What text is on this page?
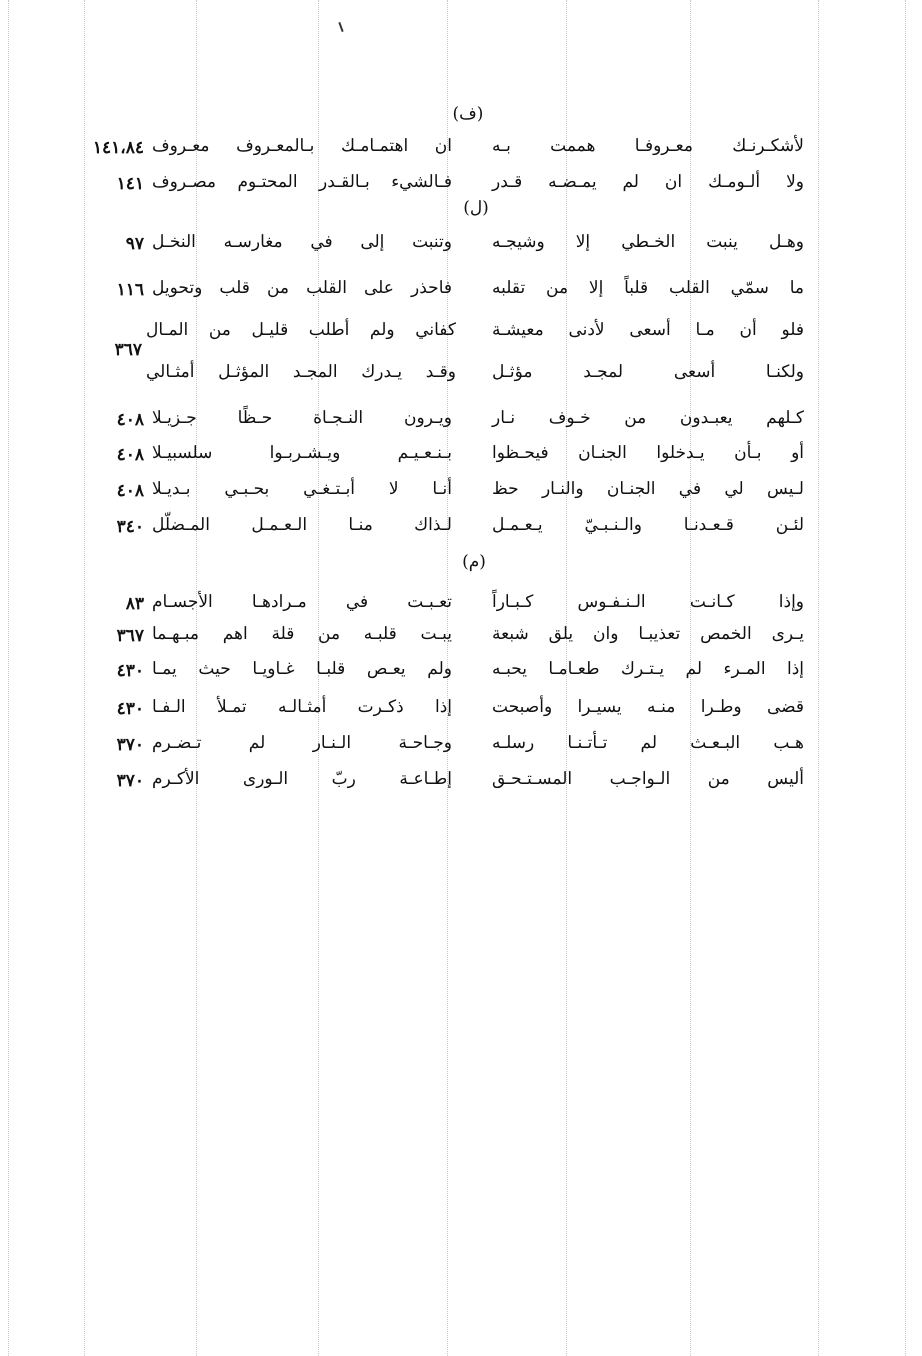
(ف)
لأشكـرنـك معـروفـا هممت بـه
ان اهتمـامـك بـالمعـروف معـروف
١٤١،٨٤
ولا ألـومـك ان لم يمـضـه قـدر
فـالشيء بـالقـدر المحتـوم مصـروف
١٤١
(ل)
وهـل ينبت الخـطي إلا وشيجـه
وتنبت إلى في مغارسـه النخـل
٩٧
ما سمّي القلب قلباً إلا من تقلبه
فاحذر على القلب من قلب وتحويل
١١٦
فلو أن مـا أسعى لأدنى معيشـة
كفاني ولم أطلب قليـل من المـال
٣٦٧
ولكنـا أسعى لمجـد مؤثـل
وقـد يـدرك المجـد المؤثـل أمثـالي
كـلهم يعبـدون من خـوف نـار
ويـرون النـجـاة حـظًا جـزيـلا
٤٠٨
أو بـأن يـدخلوا الجنـان فيحـظوا
بـنـعـيـم ويـشـربـوا سلسبيـلا
٤٠٨
لـيس لي في الجنـان والنـار حظ
أنـا لا أبـتـغـي بحـبـي بـديـلا
٤٠٨
لئـن قـعـدنـا والـنـبـيّ يـعـمـل
لـذاك منـا الـعـمـل المـضلّل
٣٤٠
(م)
وإذا كـانـت الـنـفـوس كـبـاراً
تعـبـت في مـرادهـا الأجسـام
٨٣
يـرى الخمص تعذيبـا وان يلق شبعة
يبـت قلبـه من قلة اهم مبـهـما
٣٦٧
إذا المـرء لم يـتـرك طعـامـا يحبـه
ولم يعـص قلبـا غـاويـا حيث يمـا
٤٣٠
قضى وطـرا منـه يسيـرا وأصبحت
إذا ذكـرت أمثـالـه تمـلأ الـفـا
٤٣٠
هـب البـعـث لم تـأتـنـا رسلـه
وجـاحـة الـنـار لم تـضـرم
٣٧٠
أليس من الـواجـب المسـتـحـق
إطـاعـة ربّ الـورى الأكـرم
٣٧٠
